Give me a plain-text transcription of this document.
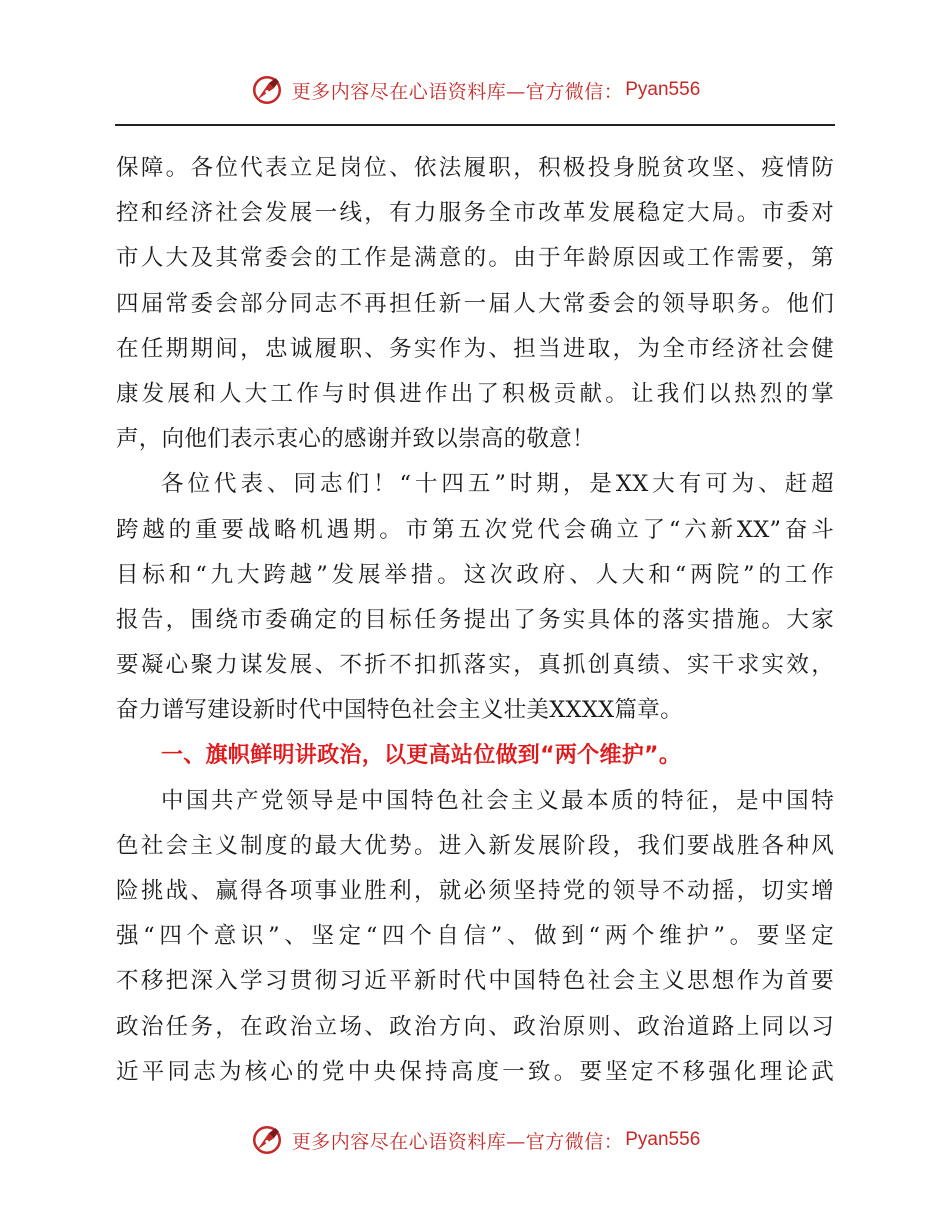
更多内容尽在心语资料库—官方微信： Pyan556
保障。各位代表立足岗位、依法履职，积极投身脱贫攻坚、疫情防
控和经济社会发展一线，有力服务全市改革发展稳定大局。市委对
市人大及其常委会的工作是满意的。由于年龄原因或工作需要，第
四届常委会部分同志不再担任新一届人大常委会的领导职务。他们
在任期期间，忠诚履职、务实作为、担当进取，为全市经济社会健
康发展和人大工作与时俱进作出了积极贡献。让我们以热烈的掌
声，向他们表示衷心的感谢并致以崇高的敬意！
各位代表、同志们！“十四五”时期，是XX大有可为、赶超
跨越的重要战略机遇期。市第五次党代会确立了“六新XX”奋斗
目标和“九大跨越”发展举措。这次政府、人大和“两院”的工作
报告，围绕市委确定的目标任务提出了务实具体的落实措施。大家
要凝心聚力谋发展、不折不扣抓落实，真抓创真绩、实干求实效，
奋力谱写建设新时代中国特色社会主义壮美XXXX篇章。
一、旗帜鲜明讲政治，以更高站位做到“两个维护”。
中国共产党领导是中国特色社会主义最本质的特征，是中国特
色社会主义制度的最大优势。进入新发展阶段，我们要战胜各种风
险挑战、赢得各项事业胜利，就必须坚持党的领导不动摇，切实增
强“四个意识”、坚定“四个自信”、做到“两个维护”。要坚定
不移把深入学习贯彻习近平新时代中国特色社会主义思想作为首要
政治任务，在政治立场、政治方向、政治原则、政治道路上同以习
近平同志为核心的党中央保持高度一致。要坚定不移强化理论武
更多内容尽在心语资料库—官方微信： Pyan556
